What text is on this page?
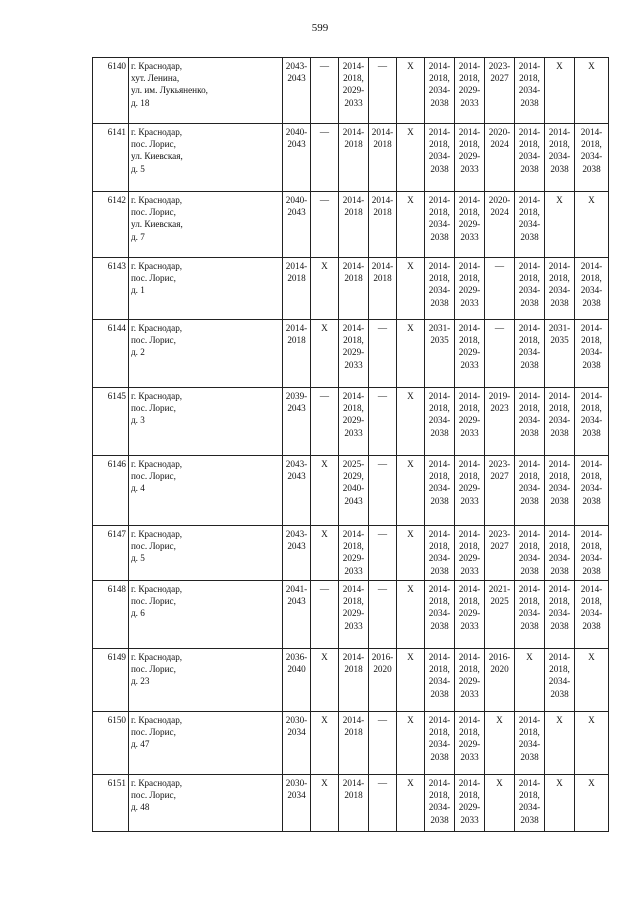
599
6140	г. Краснодар,
хут. Ленина,
ул. им. Лукьяненко,
д. 18	2043-
2043	—	2014-
2018,
2029-
2033	—	X	2014-
2018,
2034-
2038	2014-
2018,
2029-
2033	2023-
2027	2014-
2018,
2034-
2038	X	X

6141	г. Краснодар,
пос. Лорис,
ул. Киевская,
д. 5	2040-
2043	—	2014-
2018	2014-
2018	X	2014-
2018,
2034-
2038	2014-
2018,
2029-
2033	2020-
2024	2014-
2018,
2034-
2038	2014-
2018,
2034-
2038	2014-
2018,
2034-
2038

6142	г. Краснодар,
пос. Лорис,
ул. Киевская,
д. 7	2040-
2043	—	2014-
2018	2014-
2018	X	2014-
2018,
2034-
2038	2014-
2018,
2029-
2033	2020-
2024	2014-
2018,
2034-
2038	X	X

6143	г. Краснодар,
пос. Лорис,
д. 1	2014-
2018	X	2014-
2018	2014-
2018	X	2014-
2018,
2034-
2038	2014-
2018,
2029-
2033	—	2014-
2018,
2034-
2038	2014-
2018,
2034-
2038	2014-
2018,
2034-
2038

6144	г. Краснодар,
пос. Лорис,
д. 2	2014-
2018	X	2014-
2018,
2029-
2033	—	X	2031-
2035	2014-
2018,
2029-
2033	—	2014-
2018,
2034-
2038	2031-
2035	2014-
2018,
2034-
2038

6145	г. Краснодар,
пос. Лорис,
д. 3	2039-
2043	—	2014-
2018,
2029-
2033	—	X	2014-
2018,
2034-
2038	2014-
2018,
2029-
2033	2019-
2023	2014-
2018,
2034-
2038	2014-
2018,
2034-
2038	2014-
2018,
2034-
2038

6146	г. Краснодар,
пос. Лорис,
д. 4	2043-
2043	X	2025-
2029,
2040-
2043	—	X	2014-
2018,
2034-
2038	2014-
2018,
2029-
2033	2023-
2027	2014-
2018,
2034-
2038	2014-
2018,
2034-
2038	2014-
2018,
2034-
2038

6147	г. Краснодар,
пос. Лорис,
д. 5	2043-
2043	X	2014-
2018,
2029-
2033	—	X	2014-
2018,
2034-
2038	2014-
2018,
2029-
2033	2023-
2027	2014-
2018,
2034-
2038	2014-
2018,
2034-
2038	2014-
2018,
2034-
2038

6148	г. Краснодар,
пос. Лорис,
д. 6	2041-
2043	—	2014-
2018,
2029-
2033	—	X	2014-
2018,
2034-
2038	2014-
2018,
2029-
2033	2021-
2025	2014-
2018,
2034-
2038	2014-
2018,
2034-
2038	2014-
2018,
2034-
2038

6149	г. Краснодар,
пос. Лорис,
д. 23	2036-
2040	X	2014-
2018	2016-
2020	X	2014-
2018,
2034-
2038	2014-
2018,
2029-
2033	2016-
2020	X	2014-
2018,
2034-
2038	X

6150	г. Краснодар,
пос. Лорис,
д. 47	2030-
2034	X	2014-
2018	—	X	2014-
2018,
2034-
2038	2014-
2018,
2029-
2033	X	2014-
2018,
2034-
2038	X	X

6151	г. Краснодар,
пос. Лорис,
д. 48	2030-
2034	X	2014-
2018	—	X	2014-
2018,
2034-
2038	2014-
2018,
2029-
2033	X	2014-
2018,
2034-
2038	X	X
